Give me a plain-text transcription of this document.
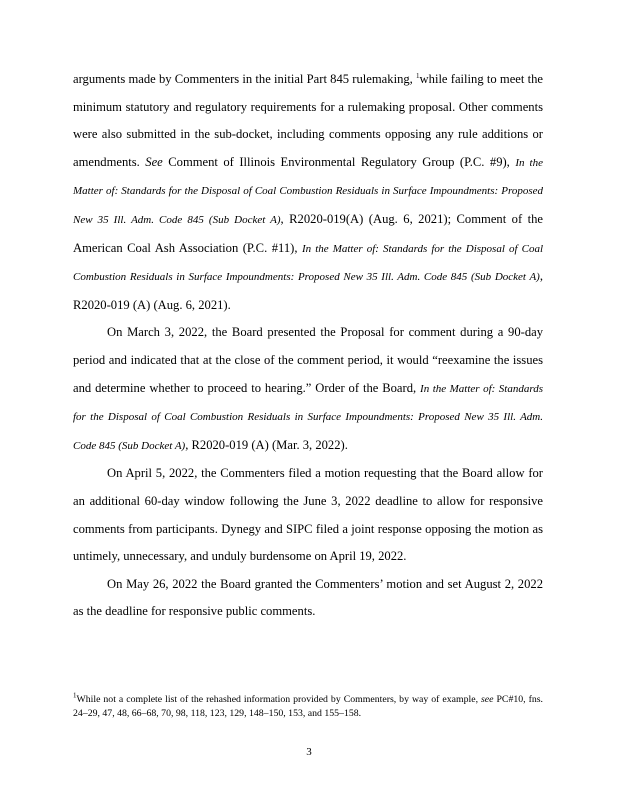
arguments made by Commenters in the initial Part 845 rulemaking, $^1$while failing to meet the minimum statutory and regulatory requirements for a rulemaking proposal. Other comments were also submitted in the sub-docket, including comments opposing any rule additions or amendments. See Comment of Illinois Environmental Regulatory Group (P.C. #9), In the Matter of: Standards for the Disposal of Coal Combustion Residuals in Surface Impoundments: Proposed New 35 Ill. Adm. Code 845 (Sub Docket A), R2020-019(A) (Aug. 6, 2021); Comment of the American Coal Ash Association (P.C. #11), In the Matter of: Standards for the Disposal of Coal Combustion Residuals in Surface Impoundments: Proposed New 35 Ill. Adm. Code 845 (Sub Docket A), R2020-019 (A) (Aug. 6, 2021).

On March 3, 2022, the Board presented the Proposal for comment during a 90-day period and indicated that at the close of the comment period, it would “reexamine the issues and determine whether to proceed to hearing.” Order of the Board, In the Matter of: Standards for the Disposal of Coal Combustion Residuals in Surface Impoundments: Proposed New 35 Ill. Adm. Code 845 (Sub Docket A), R2020-019 (A) (Mar. 3, 2022).

On April 5, 2022, the Commenters filed a motion requesting that the Board allow for an additional 60-day window following the June 3, 2022 deadline to allow for responsive comments from participants. Dynegy and SIPC filed a joint response opposing the motion as untimely, unnecessary, and unduly burdensome on April 19, 2022.

On May 26, 2022 the Board granted the Commenters’ motion and set August 2, 2022 as the deadline for responsive public comments.

$^1$While not a complete list of the rehashed information provided by Commenters, by way of example, see PC#10, fns. 24–29, 47, 48, 66–68, 70, 98, 118, 123, 129, 148–150, 153, and 155–158.
3
